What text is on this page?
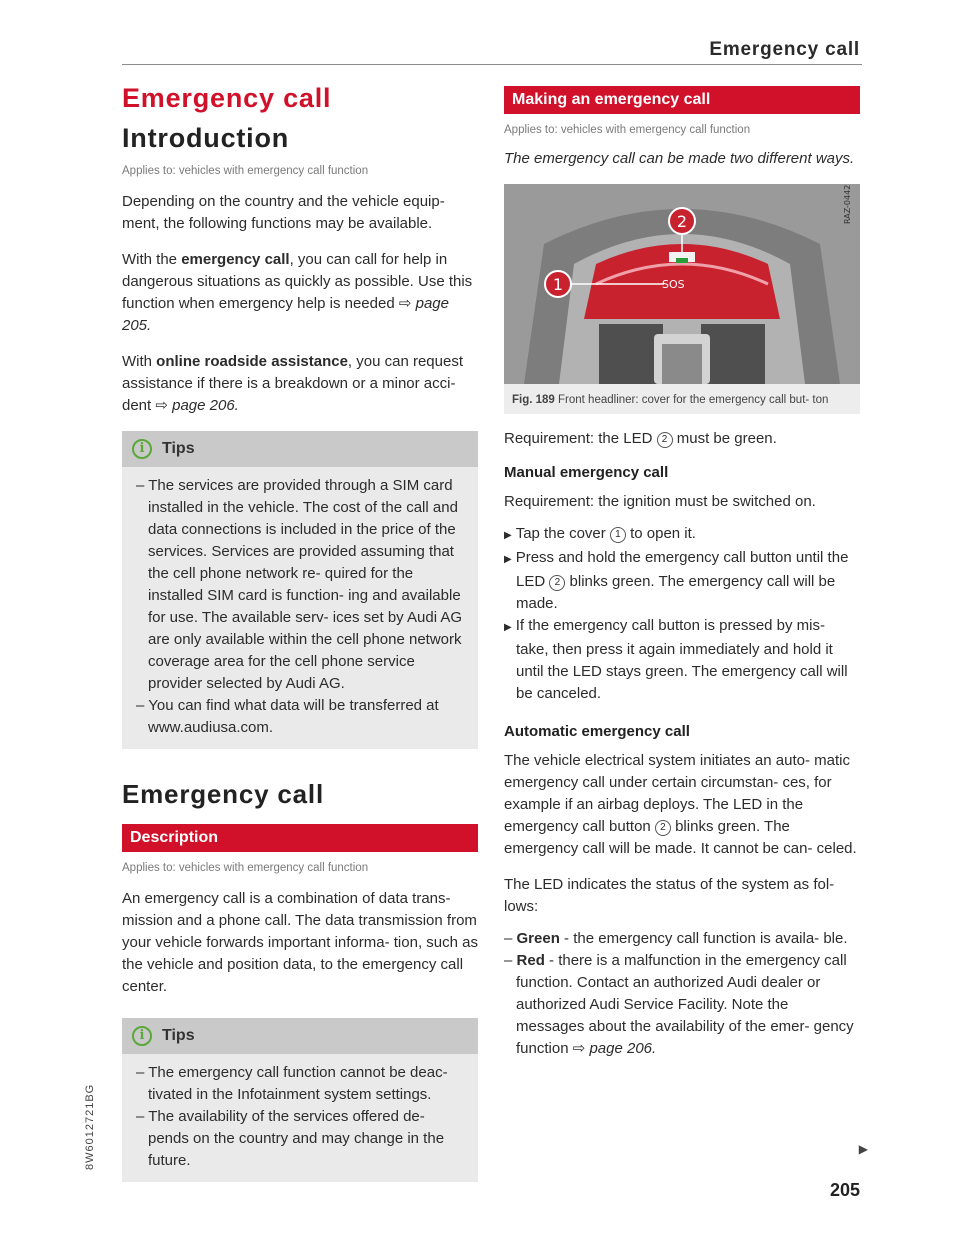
Emergency call
Emergency call
Introduction
Applies to: vehicles with emergency call function

Depending on the country and the vehicle equip- ment, the following functions may be available.

With the emergency call, you can call for help in dangerous situations as quickly as possible. Use this function when emergency help is needed ⇨ page 205.

With online roadside assistance, you can request assistance if there is a breakdown or a minor acci- dent ⇨ page 206.

i	Tips
– The services are provided through a SIM card installed in the vehicle. The cost of the call and data connections is included in the price of the services. Services are provided assuming that the cell phone network re- quired for the installed SIM card is function- ing and available for use. The available serv- ices set by Audi AG are only available within the cell phone network coverage area for the cell phone service provider selected by Audi AG.
– You can find what data will be transferred at www.audiusa.com.
Emergency call
Description
Applies to: vehicles with emergency call function

An emergency call is a combination of data trans- mission and a phone call. The data transmission from your vehicle forwards important informa- tion, such as the vehicle and position data, to the emergency call center.

i	Tips
– The emergency call function cannot be deac- tivated in the Infotainment system settings.
– The availability of the services offered de- pends on the country and may change in the future.
Making an emergency call
Applies to: vehicles with emergency call function

The emergency call can be made two different ways.

1
2
SOS
RAZ-0442
Fig. 189 Front headliner: cover for the emergency call but- ton

Requirement: the LED 2 must be green.

Manual emergency call

Requirement: the ignition must be switched on.

▶ Tap the cover 1 to open it.
▶ Press and hold the emergency call button until the LED 2 blinks green. The emergency call will be made.
▶ If the emergency call button is pressed by mis- take, then press it again immediately and hold it until the LED stays green. The emergency call will be canceled.
Automatic emergency call

The vehicle electrical system initiates an auto- matic emergency call under certain circumstan- ces, for example if an airbag deploys. The LED in the emergency call button 2 blinks green. The emergency call will be made. It cannot be can- celed.

The LED indicates the status of the system as fol- lows:

– Green - the emergency call function is availa- ble.
– Red - there is a malfunction in the emergency call function. Contact an authorized Audi dealer or authorized Audi Service Facility. Note the messages about the availability of the emer- gency function ⇨ page 206.
▶
205
8W6012721BG
